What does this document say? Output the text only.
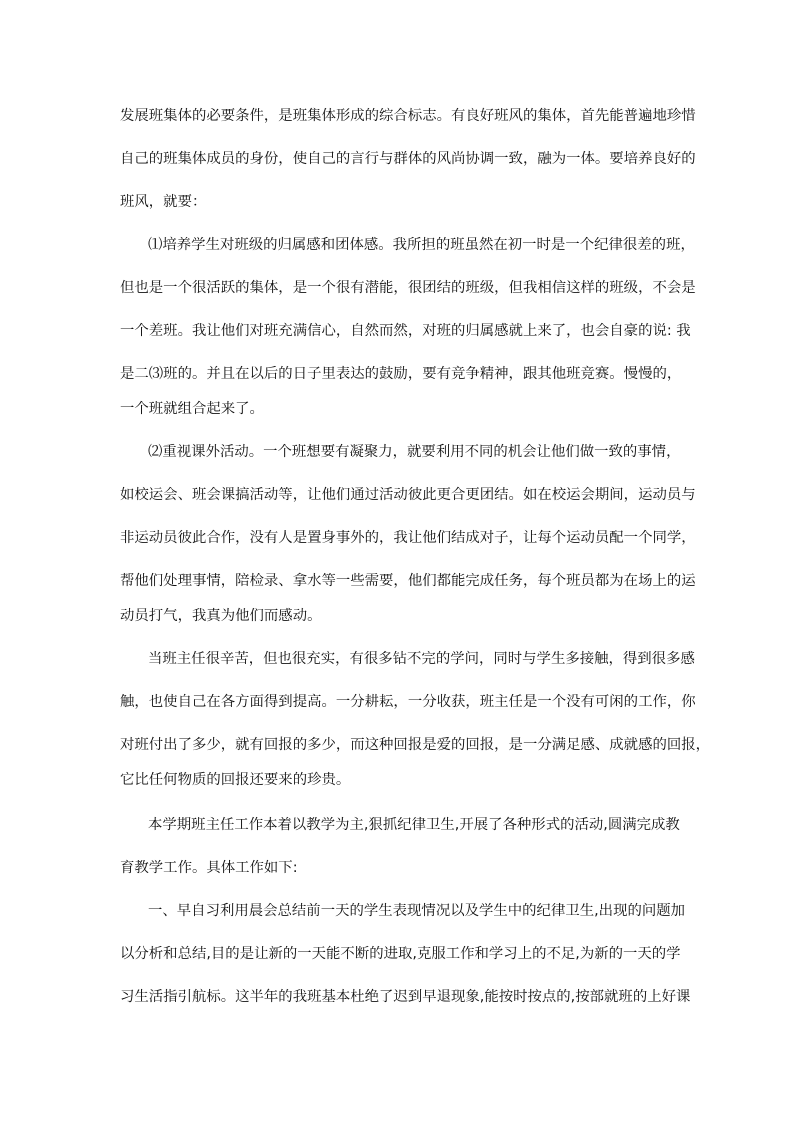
发展班集体的必要条件，是班集体形成的综合标志。有良好班风的集体，首先能普遍地珍惜
自己的班集体成员的身份，使自己的言行与群体的风尚协调一致，融为一体。要培养良好的
班风，就要：
⑴培养学生对班级的归属感和团体感。我所担的班虽然在初一时是一个纪律很差的班，
但也是一个很活跃的集体，是一个很有潜能，很团结的班级，但我相信这样的班级，不会是
一个差班。我让他们对班充满信心，自然而然，对班的归属感就上来了，也会自豪的说: 我
是二⑶班的。并且在以后的日子里表达的鼓励，要有竞争精神，跟其他班竞赛。慢慢的，
一个班就组合起来了。
⑵重视课外活动。一个班想要有凝聚力，就要利用不同的机会让他们做一致的事情，
如校运会、班会课搞活动等，让他们通过活动彼此更合更团结。如在校运会期间，运动员与
非运动员彼此合作，没有人是置身事外的，我让他们结成对子，让每个运动员配一个同学，
帮他们处理事情，陪检录、拿水等一些需要，他们都能完成任务，每个班员都为在场上的运
动员打气，我真为他们而感动。
当班主任很辛苦，但也很充实，有很多钻不完的学问，同时与学生多接触，得到很多感
触，也使自己在各方面得到提高。一分耕耘，一分收获，班主任是一个没有可闲的工作，你
对班付出了多少，就有回报的多少，而这种回报是爱的回报，是一分满足感、成就感的回报，
它比任何物质的回报还要来的珍贵。
本学期班主任工作本着以教学为主,狠抓纪律卫生,开展了各种形式的活动,圆满完成教
育教学工作。具体工作如下:
一、早自习利用晨会总结前一天的学生表现情况以及学生中的纪律卫生,出现的问题加
以分析和总结,目的是让新的一天能不断的进取,克服工作和学习上的不足,为新的一天的学
习生活指引航标。这半年的我班基本杜绝了迟到早退现象,能按时按点的,按部就班的上好课
